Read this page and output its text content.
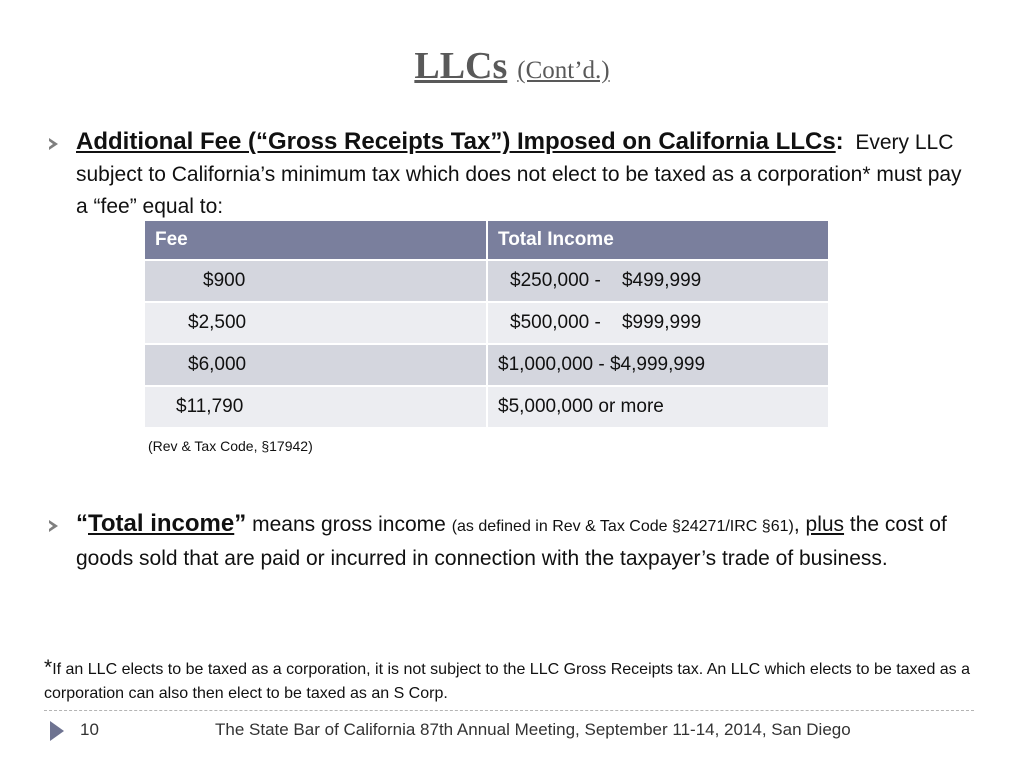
LLCs (Cont’d.)
Additional Fee (“Gross Receipts Tax”) Imposed on California LLCs: Every LLC subject to California’s minimum tax which does not elect to be taxed as a corporation* must pay a “fee” equal to:
Fee	Total Income
$900	$250,000 -    $499,999
$2,500	$500,000 -    $999,999
$6,000	$1,000,000 - $4,999,999
$11,790	$5,000,000 or more
(Rev & Tax Code, §17942)
“Total income” means gross income (as defined in Rev & Tax Code §24271/IRC §61), plus the cost of goods sold that are paid or incurred in connection with the taxpayer’s trade of business.
*If an LLC elects to be taxed as a corporation, it is not subject to the LLC Gross Receipts tax. An LLC which elects to be taxed as a corporation can also then elect to be taxed as an S Corp.
10	The State Bar of California 87th Annual Meeting, September 11-14, 2014, San Diego
